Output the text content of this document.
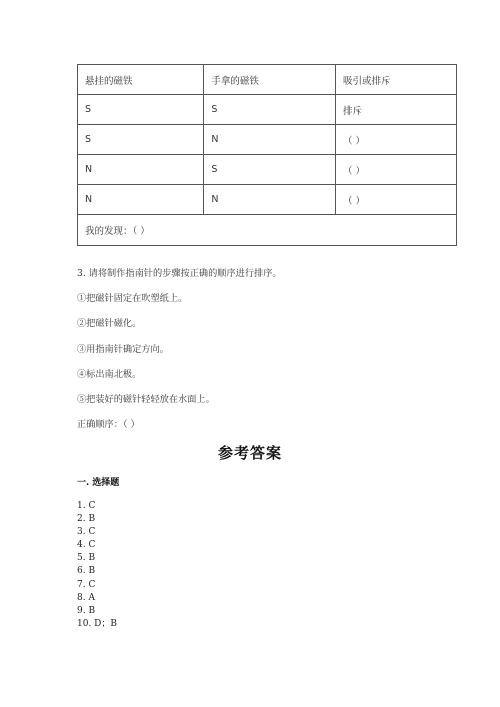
悬挂的磁铁	手拿的磁铁	吸引或排斥
S	S	排斥
S	N	（ ）
N	S	（ ）
N	N	（ ）
我的发现：（ ）		
3. 请将制作指南针的步骤按正确的顺序进行排序。
①把磁针固定在吹塑纸上。
②把磁针磁化。
③用指南针确定方向。
④标出南北极。
⑤把装好的磁针轻轻放在水面上。
正确顺序：（ ）
参考答案
一. 选择题
1. C
2. B
3. C
4. C
5. B
6. B
7. C
8. A
9. B
10. D；B
